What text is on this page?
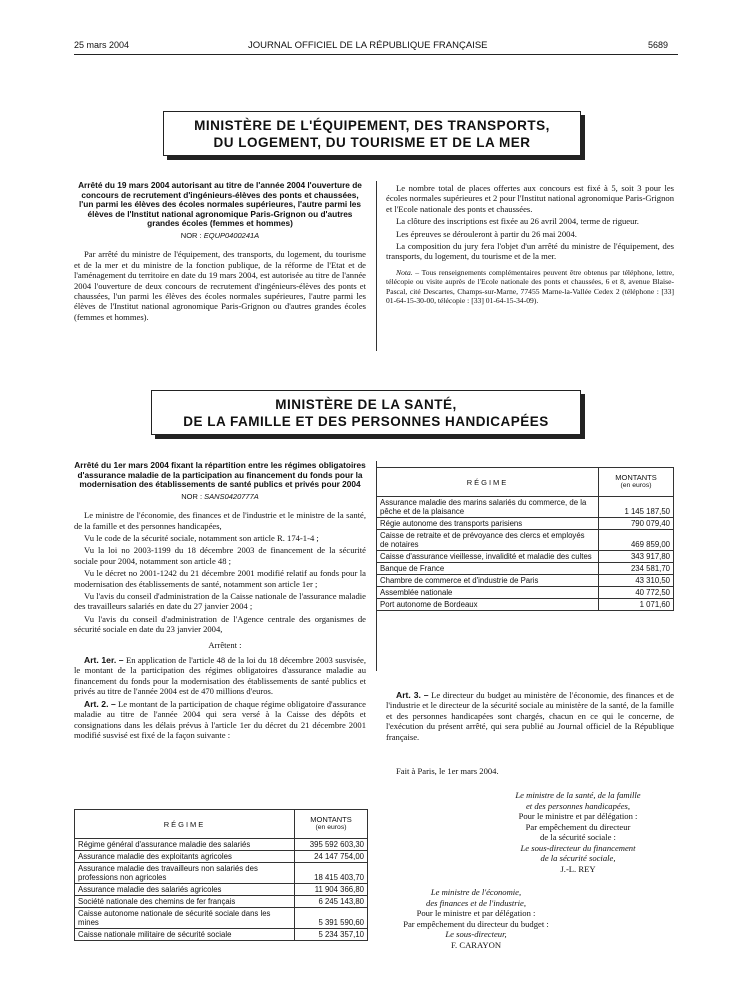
25 mars 2004	JOURNAL OFFICIEL DE LA RÉPUBLIQUE FRANÇAISE	5689
MINISTÈRE DE L'ÉQUIPEMENT, DES TRANSPORTS,
DU LOGEMENT, DU TOURISME ET DE LA MER

Arrêté du 19 mars 2004 autorisant au titre de l'année 2004 l'ouverture de concours de recrutement d'ingénieurs-élèves des ponts et chaussées, l'un parmi les élèves des écoles normales supérieures, l'autre parmi les élèves de l'Institut national agronomique Paris-Grignon ou d'autres grandes écoles (femmes et hommes)

NOR : EQUP0400241A

Par arrêté du ministre de l'équipement, des transports, du logement, du tourisme et de la mer et du ministre de la fonction publique, de la réforme de l'Etat et de l'aménagement du territoire en date du 19 mars 2004, est autorisée au titre de l'année 2004 l'ouverture de deux concours de recrutement d'ingénieurs-élèves des ponts et chaussées, l'un parmi les élèves des écoles normales supérieures, l'autre parmi les élèves de l'Institut national agronomique Paris-Grignon ou d'autres grandes écoles (femmes et hommes).

Le nombre total de places offertes aux concours est fixé à 5, soit 3 pour les écoles normales supérieures et 2 pour l'Institut national agronomique Paris-Grignon et l'Ecole nationale des ponts et chaussées.

La clôture des inscriptions est fixée au 26 avril 2004, terme de rigueur.

Les épreuves se dérouleront à partir du 26 mai 2004.

La composition du jury fera l'objet d'un arrêté du ministre de l'équipement, des transports, du logement, du tourisme et de la mer.

Nota. – Tous renseignements complémentaires peuvent être obtenus par téléphone, lettre, télécopie ou visite auprès de l'Ecole nationale des ponts et chaussées, 6 et 8, avenue Blaise-Pascal, cité Descartes, Champs-sur-Marne, 77455 Marne-la-Vallée Cedex 2 (téléphone : [33] 01-64-15-30-00, télécopie : [33] 01-64-15-34-09).

MINISTÈRE DE LA SANTÉ,
DE LA FAMILLE ET DES PERSONNES HANDICAPÉES

Arrêté du 1er mars 2004 fixant la répartition entre les régimes obligatoires d'assurance maladie de la participation au financement du fonds pour la modernisation des établissements de santé publics et privés pour 2004

NOR : SANS0420777A

Le ministre de l'économie, des finances et de l'industrie et le ministre de la santé, de la famille et des personnes handicapées,

Vu le code de la sécurité sociale, notamment son article R. 174-1-4 ;

Vu la loi no 2003-1199 du 18 décembre 2003 de financement de la sécurité sociale pour 2004, notamment son article 48 ;

Vu le décret no 2001-1242 du 21 décembre 2001 modifié relatif au fonds pour la modernisation des établissements de santé, notamment son article 1er ;

Vu l'avis du conseil d'administration de la Caisse nationale de l'assurance maladie des travailleurs salariés en date du 27 janvier 2004 ;

Vu l'avis du conseil d'administration de l'Agence centrale des organismes de sécurité sociale en date du 23 janvier 2004,

Arrêtent :

Art. 1er. – En application de l'article 48 de la loi du 18 décembre 2003 susvisée, le montant de la participation des régimes obligatoires d'assurance maladie au financement du fonds pour la modernisation des établissements de santé publics et privés au titre de l'année 2004 est de 470 millions d'euros.

Art. 2. – Le montant de la participation de chaque régime obligatoire d'assurance maladie au titre de l'année 2004 qui sera versé à la Caisse des dépôts et consignations dans les délais prévus à l'article 1er du décret du 21 décembre 2001 modifié susvisé est fixé de la façon suivante :

RÉGIME	MONTANTS
(en euros)

Régime général d'assurance maladie des salariés	395 592 603,30
Assurance maladie des exploitants agricoles	24 147 754,00
Assurance maladie des travailleurs non salariés des professions non agricoles	18 415 403,70
Assurance maladie des salariés agricoles	11 904 366,80
Société nationale des chemins de fer français	6 245 143,80
Caisse autonome nationale de sécurité sociale dans les mines	5 391 590,60
Caisse nationale militaire de sécurité sociale	5 234 357,10
RÉGIME	MONTANTS
(en euros)

Assurance maladie des marins salariés du commerce, de la pêche et de la plaisance	1 145 187,50
Régie autonome des transports parisiens	790 079,40
Caisse de retraite et de prévoyance des clercs et employés de notaires	469 859,00
Caisse d'assurance vieillesse, invalidité et maladie des cultes	343 917,80
Banque de France	234 581,70
Chambre de commerce et d'industrie de Paris	43 310,50
Assemblée nationale	40 772,50
Port autonome de Bordeaux	1 071,60

Art. 3. – Le directeur du budget au ministère de l'économie, des finances et de l'industrie et le directeur de la sécurité sociale au ministère de la santé, de la famille et des personnes handicapées sont chargés, chacun en ce qui le concerne, de l'exécution du présent arrêté, qui sera publié au Journal officiel de la République française.

Fait à Paris, le 1er mars 2004.
Le ministre de la santé, de la famille
et des personnes handicapées,
Pour le ministre et par délégation :
Par empêchement du directeur
de la sécurité sociale :
Le sous-directeur du financement
de la sécurité sociale,
J.-L. REY
Le ministre de l'économie,
des finances et de l'industrie,
Pour le ministre et par délégation :
Par empêchement du directeur du budget :
Le sous-directeur,
F. CARAYON
